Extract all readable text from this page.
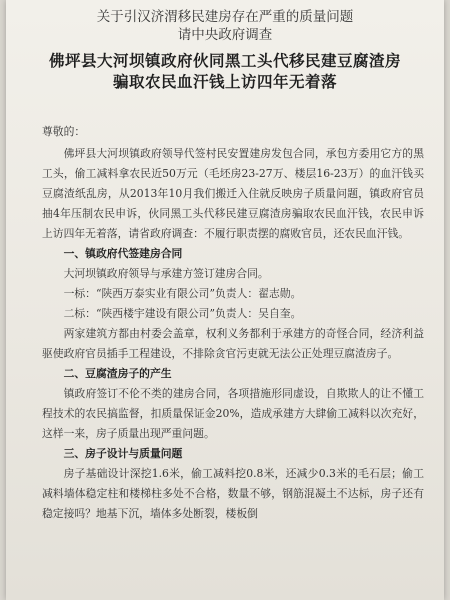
关于引汉济渭移民建房存在严重的质量问题
请中央政府调查
佛坪县大河坝镇政府伙同黑工头代移民建豆腐渣房
骗取农民血汗钱上访四年无着落
尊敬的：
佛坪县大河坝镇政府领导代签村民安置建房发包合同，承包方委用它方的黑工头，偷工减料拿农民近50万元（毛坯房23-27万、楼层16-23万）的血汗钱买豆腐渣纸乱房，从2013年10月我们搬迁入住就反映房子质量问题，镇政府官员抽4年压制农民申诉，伙同黑工头代移民建豆腐渣房骗取农民血汗钱，农民申诉上访四年无着落，请省政府调查：不履行职责摆的腐败官员，还农民血汗钱。
一、镇政府代签建房合同
大河坝镇政府领导与承建方签订建房合同。
一标：“陕西万泰实业有限公司”负责人：翟志勋。
二标：“陕西楼宇建设有限公司”负责人：吴自奎。
两家建筑方都由村委会盖章，权利义务都利于承建方的奇怪合同，经济利益驱使政府官员插手工程建设，不排除贪官污吏就无法公正处理豆腐渣房子。
二、豆腐渣房子的产生
镇政府签订不伦不类的建房合同，各项措施形同虚设，自欺欺人的让不懂工程技术的农民搞监督，扣质量保证金20%，造成承建方大肆偷工减料以次充好，这样一来，房子质量出现严重问题。
三、房子设计与质量问题
房子基础设计深挖1.6米，偷工减料挖0.8米，还减少0.3米的毛石层；偷工减料墙体稳定柱和楼梯柱多处不合格，数量不够，钢筋混凝土不达标，房子还有稳定接吗？地基下沉，墙体多处断裂，楼板倒
